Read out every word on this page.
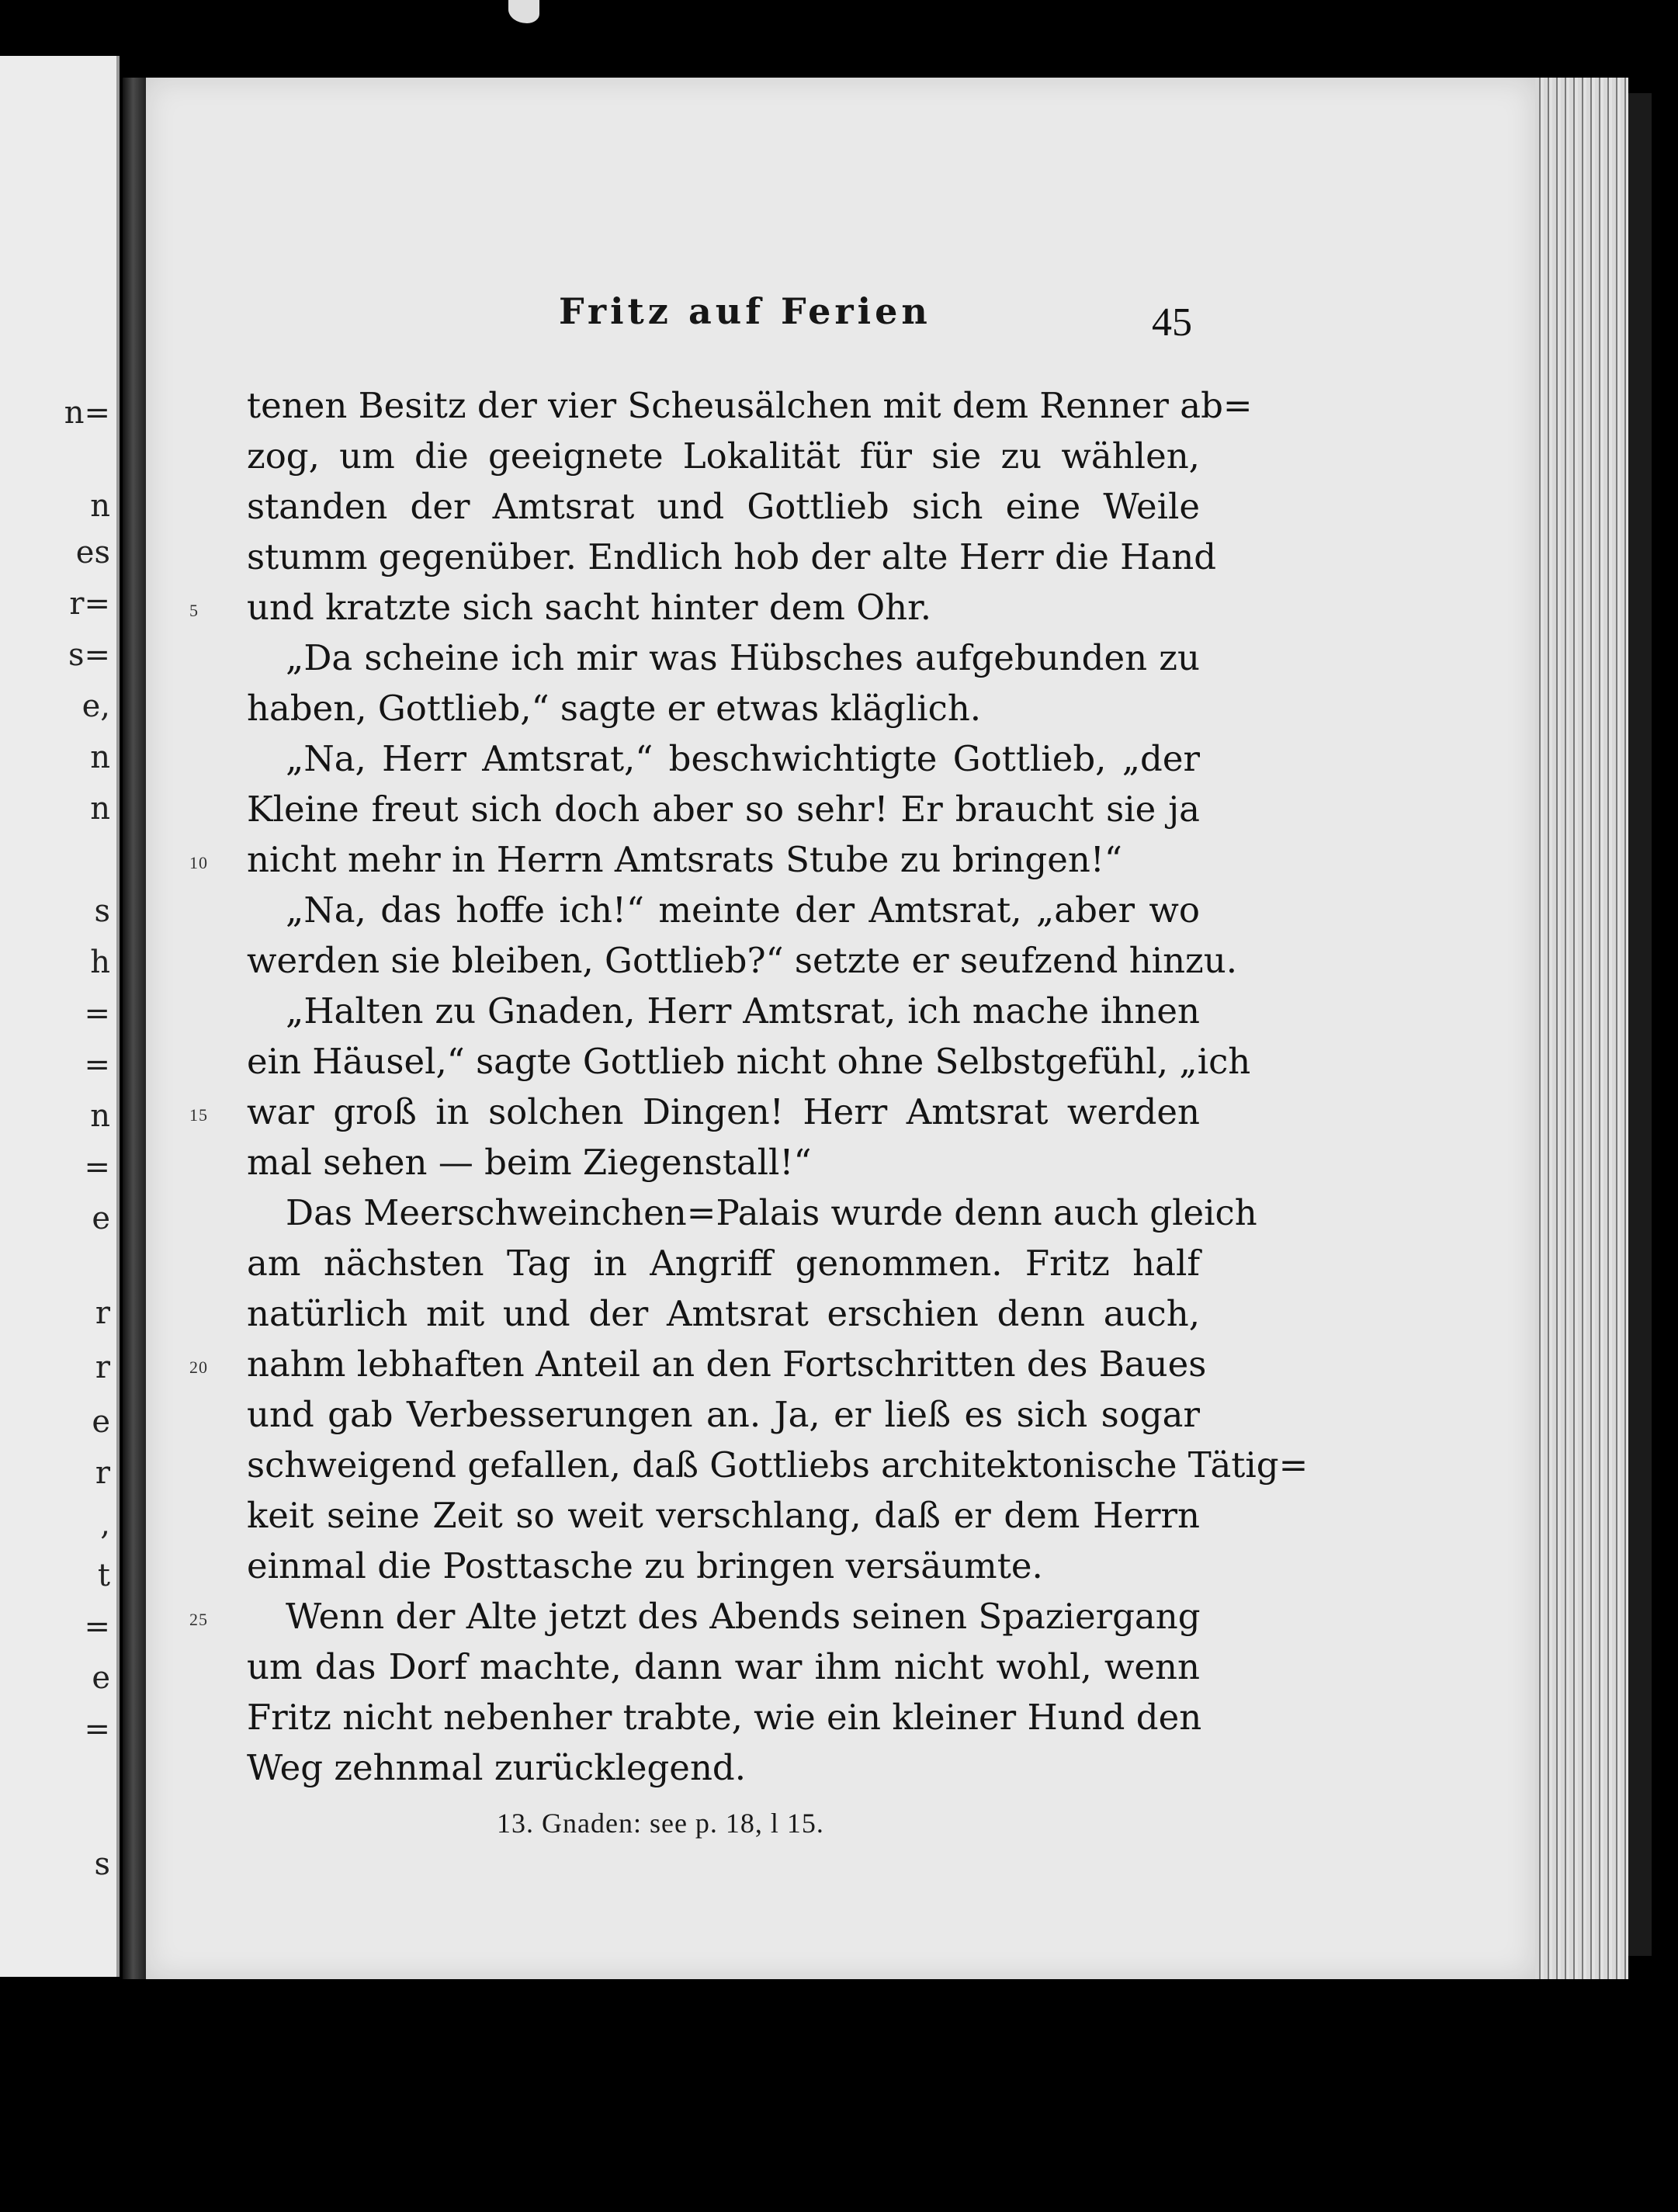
n=
n
es
r=
s=
e,
n
n
s
h
=
=
n
=
e
r
r
e
r
,
t
=
e
=
s
Fritz auf Ferien	45
tenen Besitz der vier Scheusälchen mit dem Renner ab=
zog, um die geeignete Lokalität für sie zu wählen,
standen der Amtsrat und Gottlieb sich eine Weile
stumm gegenüber. Endlich hob der alte Herr die Hand
5 und kratzte sich sacht hinter dem Ohr.
„Da scheine ich mir was Hübsches aufgebunden zu
haben, Gottlieb,“ sagte er etwas kläglich.
„Na, Herr Amtsrat,“ beschwichtigte Gottlieb, „der
Kleine freut sich doch aber so sehr! Er braucht sie ja
10 nicht mehr in Herrn Amtsrats Stube zu bringen!“
„Na, das hoffe ich!“ meinte der Amtsrat, „aber wo
werden sie bleiben, Gottlieb?“ setzte er seufzend hinzu.
„Halten zu Gnaden, Herr Amtsrat, ich mache ihnen
ein Häusel,“ sagte Gottlieb nicht ohne Selbstgefühl, „ich
15 war groß in solchen Dingen! Herr Amtsrat werden
mal sehen — beim Ziegenstall!“
Das Meerschweinchen=Palais wurde denn auch gleich
am nächsten Tag in Angriff genommen. Fritz half
natürlich mit und der Amtsrat erschien denn auch,
20 nahm lebhaften Anteil an den Fortschritten des Baues
und gab Verbesserungen an. Ja, er ließ es sich sogar
schweigend gefallen, daß Gottliebs architektonische Tätig=
keit seine Zeit so weit verschlang, daß er dem Herrn
einmal die Posttasche zu bringen versäumte.
25 Wenn der Alte jetzt des Abends seinen Spaziergang
um das Dorf machte, dann war ihm nicht wohl, wenn
Fritz nicht nebenher trabte, wie ein kleiner Hund den
Weg zehnmal zurücklegend.
13. Gnaden: see p. 18, l 15.
